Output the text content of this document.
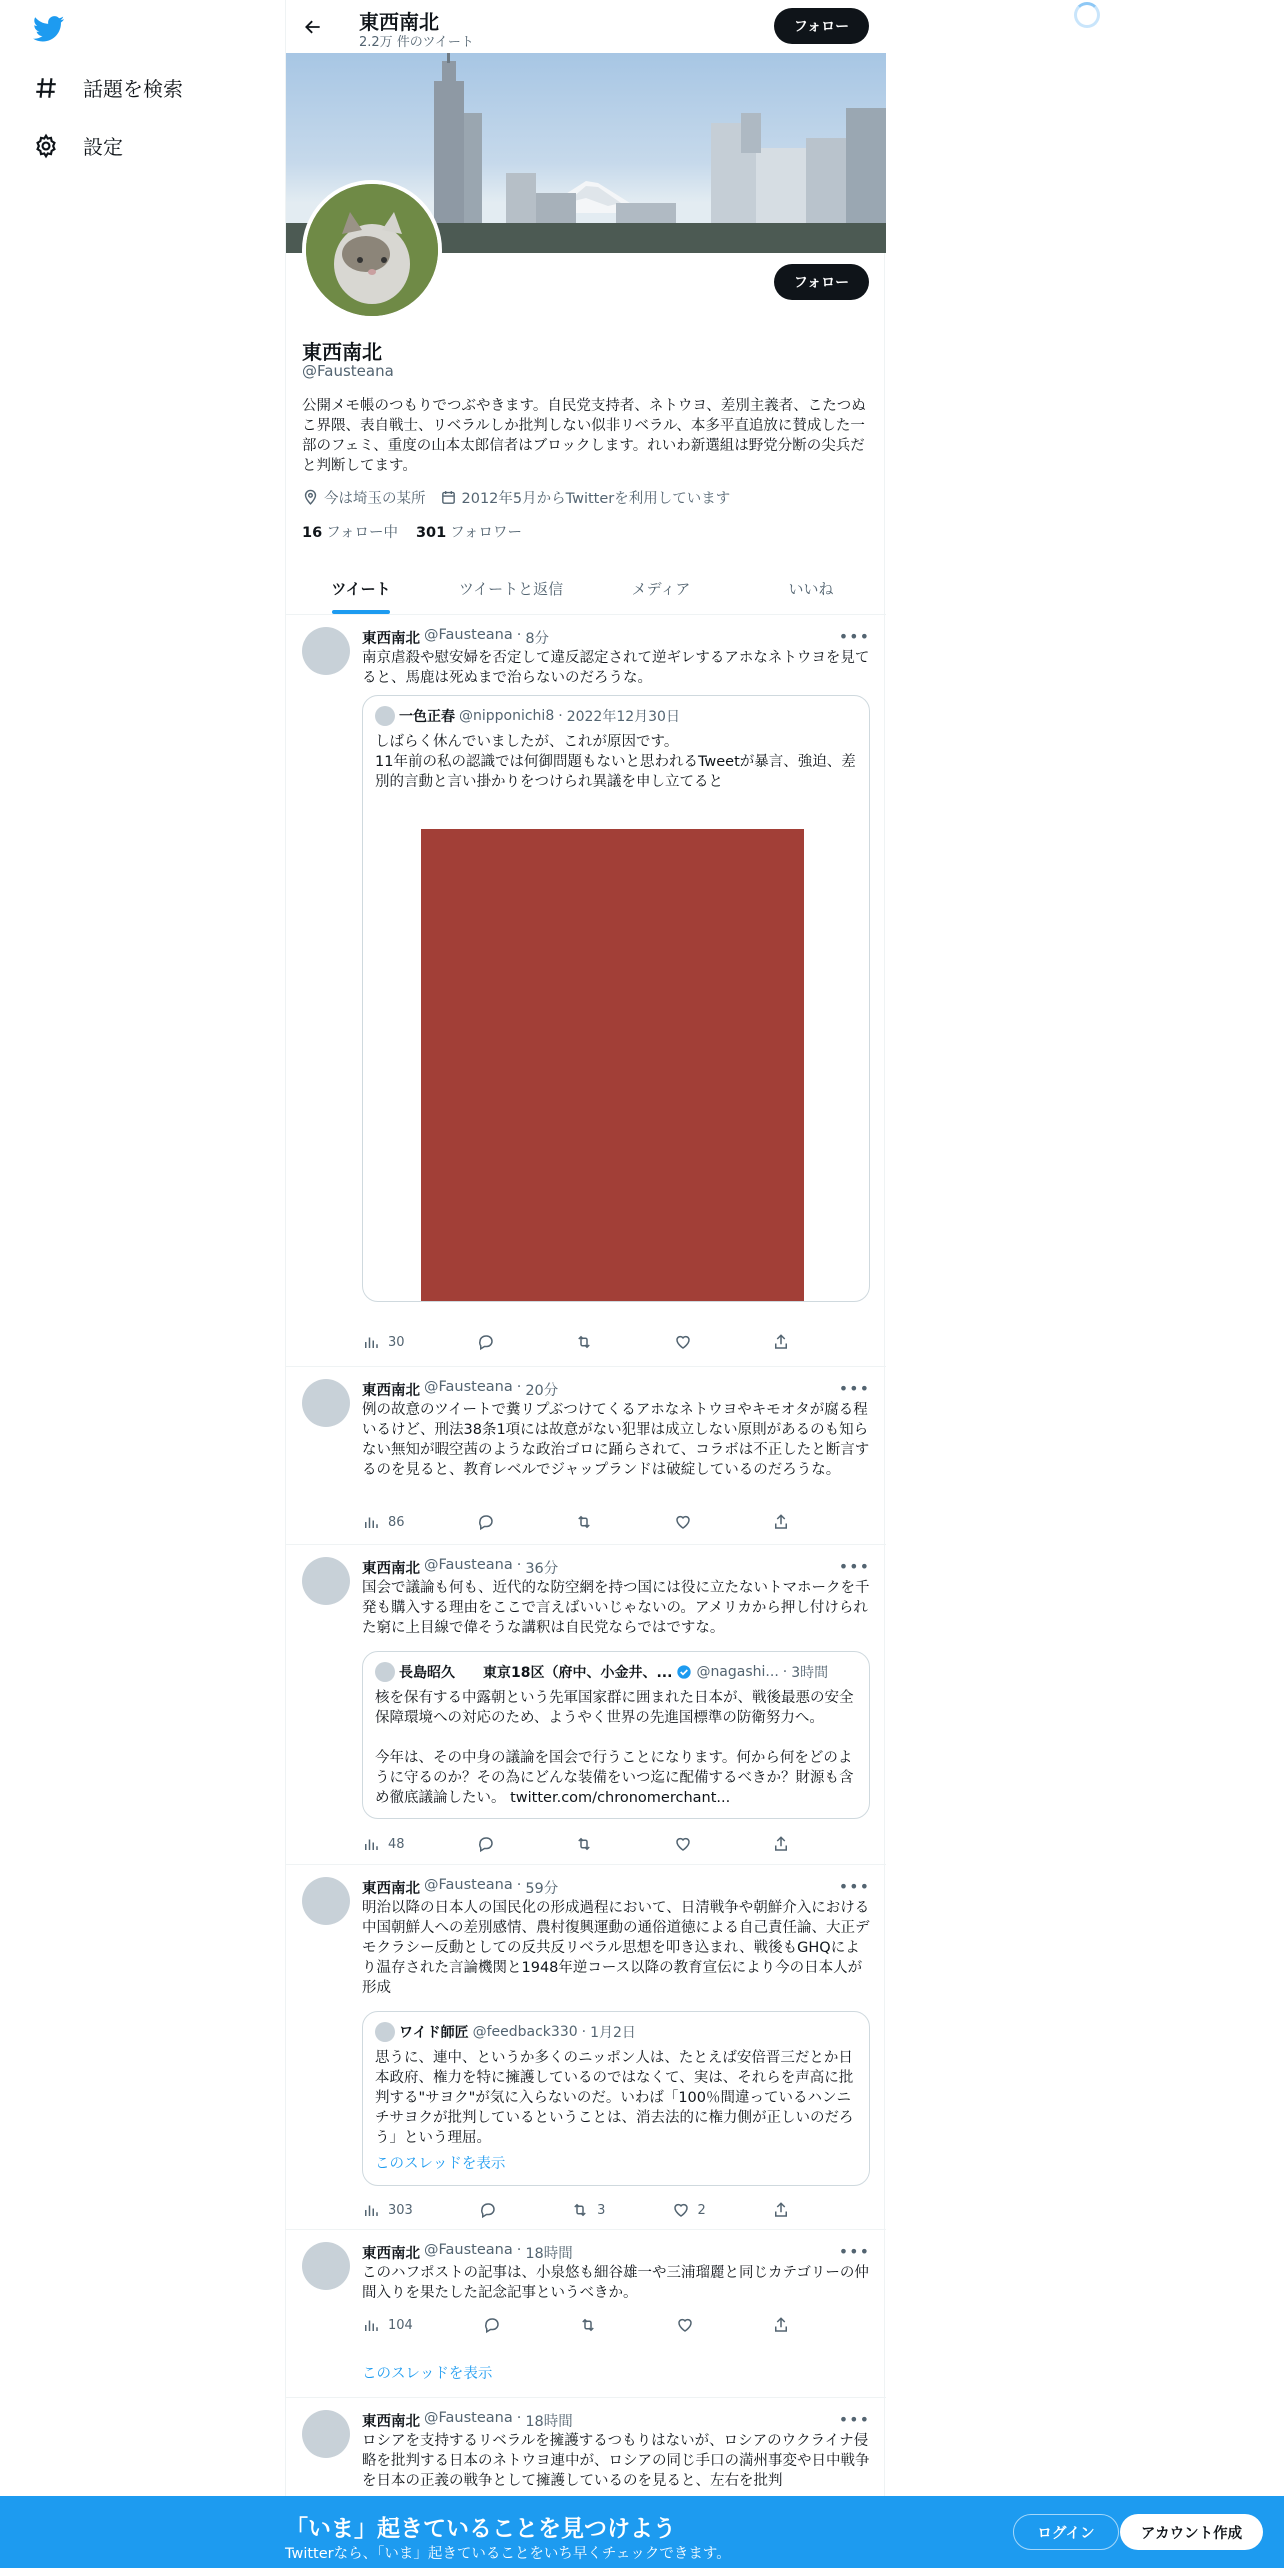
話題を検索
設定
東西南北
2.2万 件のツイート
フォロー
フォロー
東西南北
@Fausteana
公開メモ帳のつもりでつぶやきます。自民党支持者、ネトウヨ、差別主義者、こたつぬこ界隈、表自戦士、リベラルしか批判しない似非リベラル、本多平直追放に賛成した一部のフェミ、重度の山本太郎信者はブロックします。れいわ新選組は野党分断の尖兵だと判断してます。
今は埼玉の某所 2012年5月からTwitterを利用しています
16 フォロー中 301 フォロワー
ツイート	ツイートと返信	メディア	いいね
東西南北 @Fausteana · 8分	•••
南京虐殺や慰安婦を否定して違反認定されて逆ギレするアホなネトウヨを見てると、馬鹿は死ぬまで治らないのだろうな。
一色正春 @nipponichi8 · 2022年12月30日
しばらく休んでいましたが、これが原因です。
11年前の私の認識では何御問題もないと思われるTweetが暴言、強迫、差別的言動と言い掛かりをつけられ異議を申し立てると
30
東西南北 @Fausteana · 20分	•••
例の故意のツイートで糞リプぶつけてくるアホなネトウヨやキモオタが腐る程いるけど、刑法38条1項には故意がない犯罪は成立しない原則があるのも知らない無知が暇空茜のような政治ゴロに踊らされて、コラボは不正したと断言するのを見ると、教育レベルでジャップランドは破綻しているのだろうな。
86
東西南北 @Fausteana · 36分	•••
国会で議論も何も、近代的な防空網を持つ国には役に立たないトマホークを千発も購入する理由をここで言えばいいじゃないの。アメリカから押し付けられた窮に上目線で偉そうな講釈は自民党ならではですな。
長島昭久　　東京18区（府中、小金井、... @nagashi... · 3時間
核を保有する中露朝という先軍国家群に囲まれた日本が、戦後最悪の安全保障環境への対応のため、ようやく世界の先進国標準の防衛努力へ。

今年は、その中身の議論を国会で行うことになります。何から何をどのように守るのか？その為にどんな装備をいつ迄に配備するべきか？財源も含め徹底議論したい。 twitter.com/chronomerchant...
48
東西南北 @Fausteana · 59分	•••
明治以降の日本人の国民化の形成過程において、日清戦争や朝鮮介入における中国朝鮮人への差別感情、農村復興運動の通俗道徳による自己責任論、大正デモクラシー反動としての反共反リベラル思想を叩き込まれ、戦後もGHQにより温存された言論機関と1948年逆コース以降の教育宣伝により今の日本人が形成
ワイド師匠 @feedback330 · 1月2日
思うに、連中、というか多くのニッポン人は、たとえば安倍晋三だとか日本政府、権力を特に擁護しているのではなくて、実は、それらを声高に批判する"サヨク"が気に入らないのだ。いわば「100％間違っているハンニチサヨクが批判しているということは、消去法的に権力側が正しいのだろう」という理屈。
このスレッドを表示
303	3	2
東西南北 @Fausteana · 18時間	•••
このハフポストの記事は、小泉悠も細谷雄一や三浦瑠麗と同じカテゴリーの仲間入りを果たした記念記事というべきか。
104
このスレッドを表示
東西南北 @Fausteana · 18時間	•••
ロシアを支持するリベラルを擁護するつもりはないが、ロシアのウクライナ侵略を批判する日本のネトウヨ連中が、ロシアの同じ手口の満州事変や日中戦争を日本の正義の戦争として擁護しているのを見ると、左右を批判
「いま」起きていることを見つけよう
Twitterなら、「いま」起きていることをいち早くチェックできます。
ログイン	アカウント作成
